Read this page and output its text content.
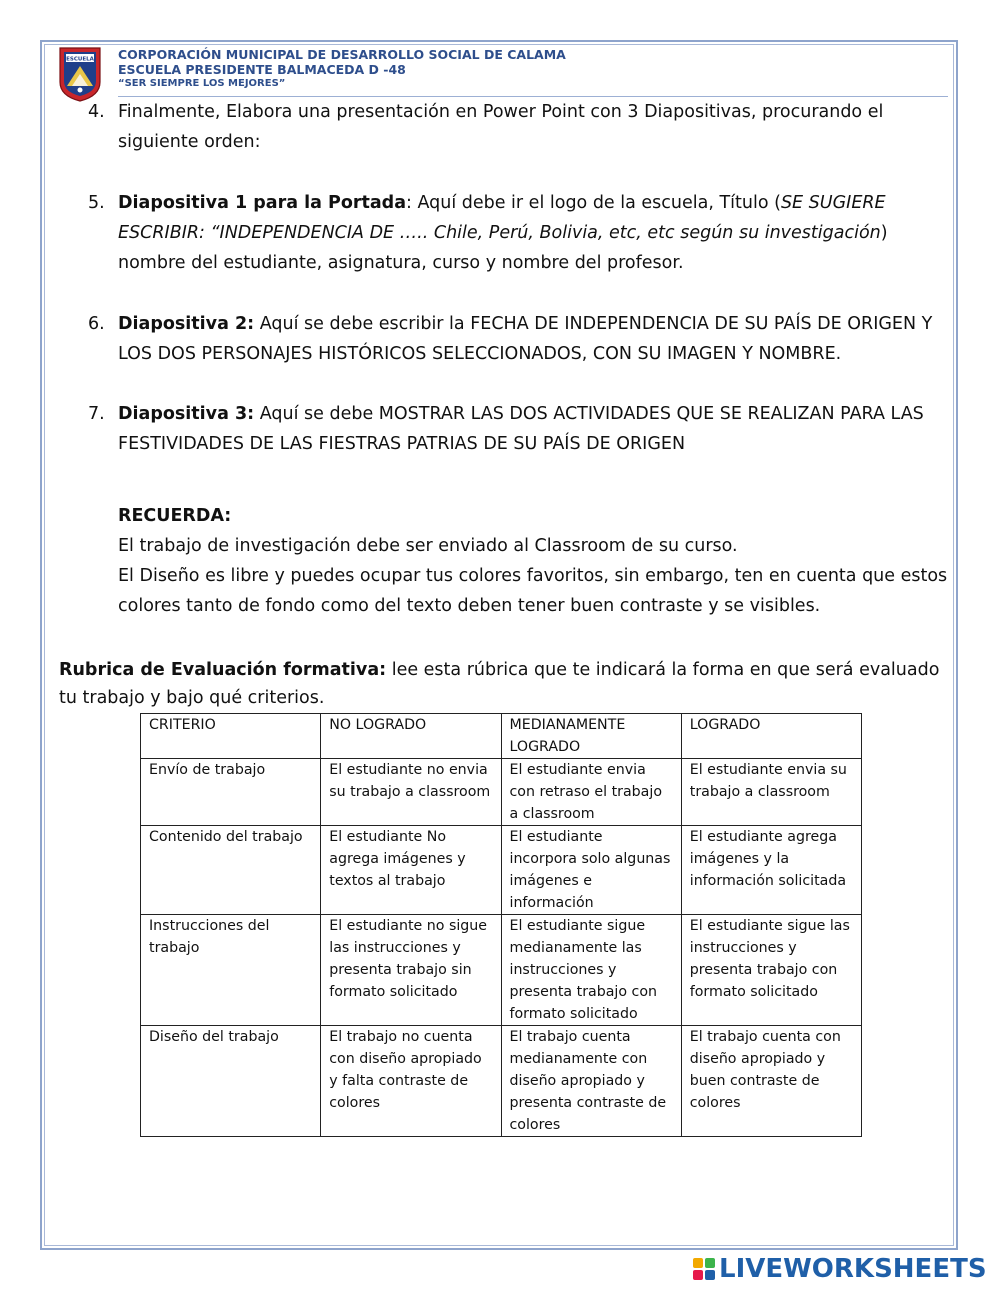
ESCUELA CORPORACIÓN MUNICIPAL DE DESARROLLO SOCIAL DE CALAMA
ESCUELA PRESIDENTE BALMACEDA D -48
“SER SIEMPRE LOS MEJORES”
4. Finalmente, Elabora una presentación en Power Point con 3 Diapositivas, procurando el siguiente orden:
5. Diapositiva 1 para la Portada: Aquí debe ir el logo de la escuela, Título (SE SUGIERE ESCRIBIR: “INDEPENDENCIA DE ….. Chile, Perú, Bolivia, etc, etc según su investigación) nombre del estudiante, asignatura, curso y nombre del profesor.
6. Diapositiva 2: Aquí se debe escribir la FECHA DE INDEPENDENCIA DE SU PAÍS DE ORIGEN Y LOS DOS PERSONAJES HISTÓRICOS SELECCIONADOS, CON SU IMAGEN Y NOMBRE.
7. Diapositiva 3: Aquí se debe MOSTRAR LAS DOS ACTIVIDADES QUE SE REALIZAN PARA LAS FESTIVIDADES DE LAS FIESTRAS PATRIAS DE SU PAÍS DE ORIGEN
RECUERDA:
El trabajo de investigación debe ser enviado al Classroom de su curso.
El Diseño es libre y puedes ocupar tus colores favoritos, sin embargo, ten en cuenta que estos colores tanto de fondo como del texto deben tener buen contraste y se visibles.
Rubrica de Evaluación formativa: lee esta rúbrica que te indicará la forma en que será evaluado tu trabajo y bajo qué criterios.
CRITERIO	NO LOGRADO	MEDIANAMENTE LOGRADO	LOGRADO
Envío de trabajo	El estudiante no envia su trabajo a classroom	El estudiante envia con retraso el trabajo a classroom	El estudiante envia su trabajo a classroom
Contenido del trabajo	El estudiante No agrega imágenes y textos al trabajo	El estudiante incorpora solo algunas imágenes e información	El estudiante agrega imágenes y la información solicitada
Instrucciones del trabajo	El estudiante no sigue las instrucciones y presenta trabajo sin formato solicitado	El estudiante sigue medianamente las instrucciones y presenta trabajo con formato solicitado	El estudiante sigue las instrucciones y presenta trabajo con formato solicitado
Diseño del trabajo	El trabajo no cuenta con diseño apropiado y falta contraste de colores	El trabajo cuenta medianamente con diseño apropiado y presenta contraste de colores	El trabajo cuenta con diseño apropiado y buen contraste de colores
LIVEWORKSHEETS
